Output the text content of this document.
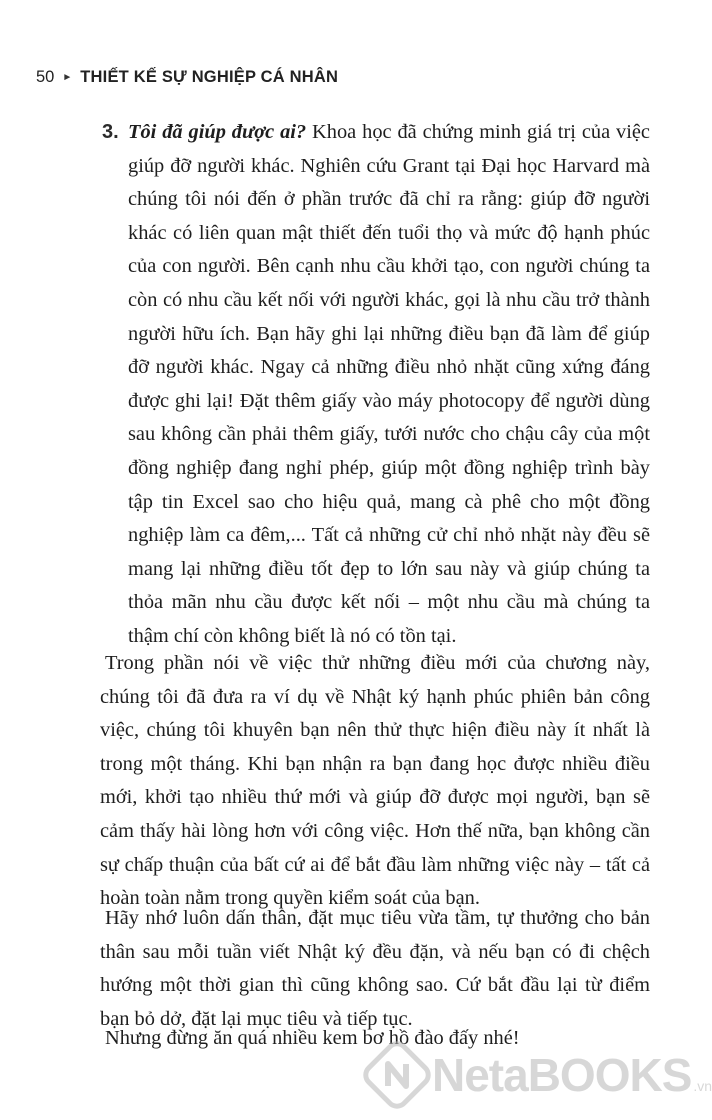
50 ► THIẾT KẾ SỰ NGHIỆP CÁ NHÂN
3. Tôi đã giúp được ai? Khoa học đã chứng minh giá trị của việc giúp đỡ người khác. Nghiên cứu Grant tại Đại học Harvard mà chúng tôi nói đến ở phần trước đã chỉ ra rằng: giúp đỡ người khác có liên quan mật thiết đến tuổi thọ và mức độ hạnh phúc của con người. Bên cạnh nhu cầu khởi tạo, con người chúng ta còn có nhu cầu kết nối với người khác, gọi là nhu cầu trở thành người hữu ích. Bạn hãy ghi lại những điều bạn đã làm để giúp đỡ người khác. Ngay cả những điều nhỏ nhặt cũng xứng đáng được ghi lại! Đặt thêm giấy vào máy photocopy để người dùng sau không cần phải thêm giấy, tưới nước cho chậu cây của một đồng nghiệp đang nghỉ phép, giúp một đồng nghiệp trình bày tập tin Excel sao cho hiệu quả, mang cà phê cho một đồng nghiệp làm ca đêm,... Tất cả những cử chỉ nhỏ nhặt này đều sẽ mang lại những điều tốt đẹp to lớn sau này và giúp chúng ta thỏa mãn nhu cầu được kết nối – một nhu cầu mà chúng ta thậm chí còn không biết là nó có tồn tại.
Trong phần nói về việc thử những điều mới của chương này, chúng tôi đã đưa ra ví dụ về Nhật ký hạnh phúc phiên bản công việc, chúng tôi khuyên bạn nên thử thực hiện điều này ít nhất là trong một tháng. Khi bạn nhận ra bạn đang học được nhiều điều mới, khởi tạo nhiều thứ mới và giúp đỡ được mọi người, bạn sẽ cảm thấy hài lòng hơn với công việc. Hơn thế nữa, bạn không cần sự chấp thuận của bất cứ ai để bắt đầu làm những việc này – tất cả hoàn toàn nằm trong quyền kiểm soát của bạn.
Hãy nhớ luôn dấn thân, đặt mục tiêu vừa tầm, tự thưởng cho bản thân sau mỗi tuần viết Nhật ký đều đặn, và nếu bạn có đi chệch hướng một thời gian thì cũng không sao. Cứ bắt đầu lại từ điểm bạn bỏ dở, đặt lại mục tiêu và tiếp tục.
Nhưng đừng ăn quá nhiều kem bơ hồ đào đấy nhé!
NetaBOOKS .vn
